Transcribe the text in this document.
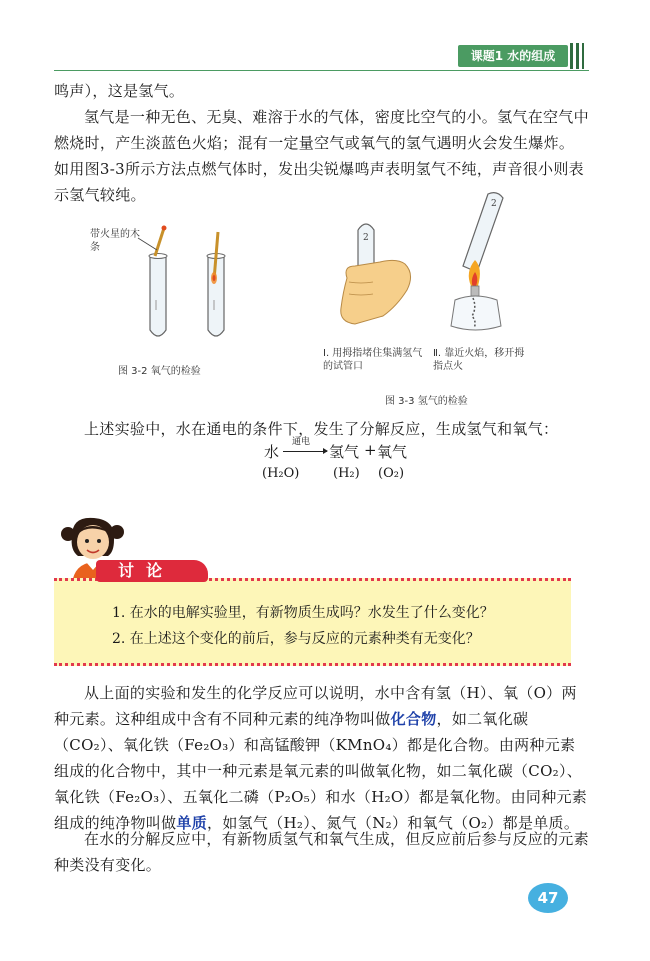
课题1 水的组成
鸣声），这是氢气。
氢气是一种无色、无臭、难溶于水的气体，密度比空气的小。氢气在空气中燃烧时，产生淡蓝色火焰；混有一定量空气或氧气的氢气遇明火会发生爆炸。如用图3-3所示方法点燃气体时，发出尖锐爆鸣声表明氢气不纯，声音很小则表示氢气较纯。
带火星的木条
图 3-2 氧气的检验
2
2
Ⅰ. 用拇指堵住集满氢气的试管口
Ⅱ. 靠近火焰，移开拇指点火
图 3-3 氢气的检验
上述实验中，水在通电的条件下，发生了分解反应，生成氢气和氧气：
水
通电
氢气 + 氧气
(H₂O)	(H₂) (O₂)
讨论
1. 在水的电解实验里，有新物质生成吗？水发生了什么变化？
2. 在上述这个变化的前后，参与反应的元素种类有无变化？
从上面的实验和发生的化学反应可以说明，水中含有氢（H）、氧（O）两种元素。这种组成中含有不同种元素的纯净物叫做化合物，如二氧化碳（CO₂）、氧化铁（Fe₂O₃）和高锰酸钾（KMnO₄）都是化合物。由两种元素组成的化合物中，其中一种元素是氧元素的叫做氧化物，如二氧化碳（CO₂）、氧化铁（Fe₂O₃）、五氧化二磷（P₂O₅）和水（H₂O）都是氧化物。由同种元素组成的纯净物叫做单质，如氢气（H₂）、氮气（N₂）和氧气（O₂）都是单质。
在水的分解反应中，有新物质氢气和氧气生成，但反应前后参与反应的元素种类没有变化。
47
